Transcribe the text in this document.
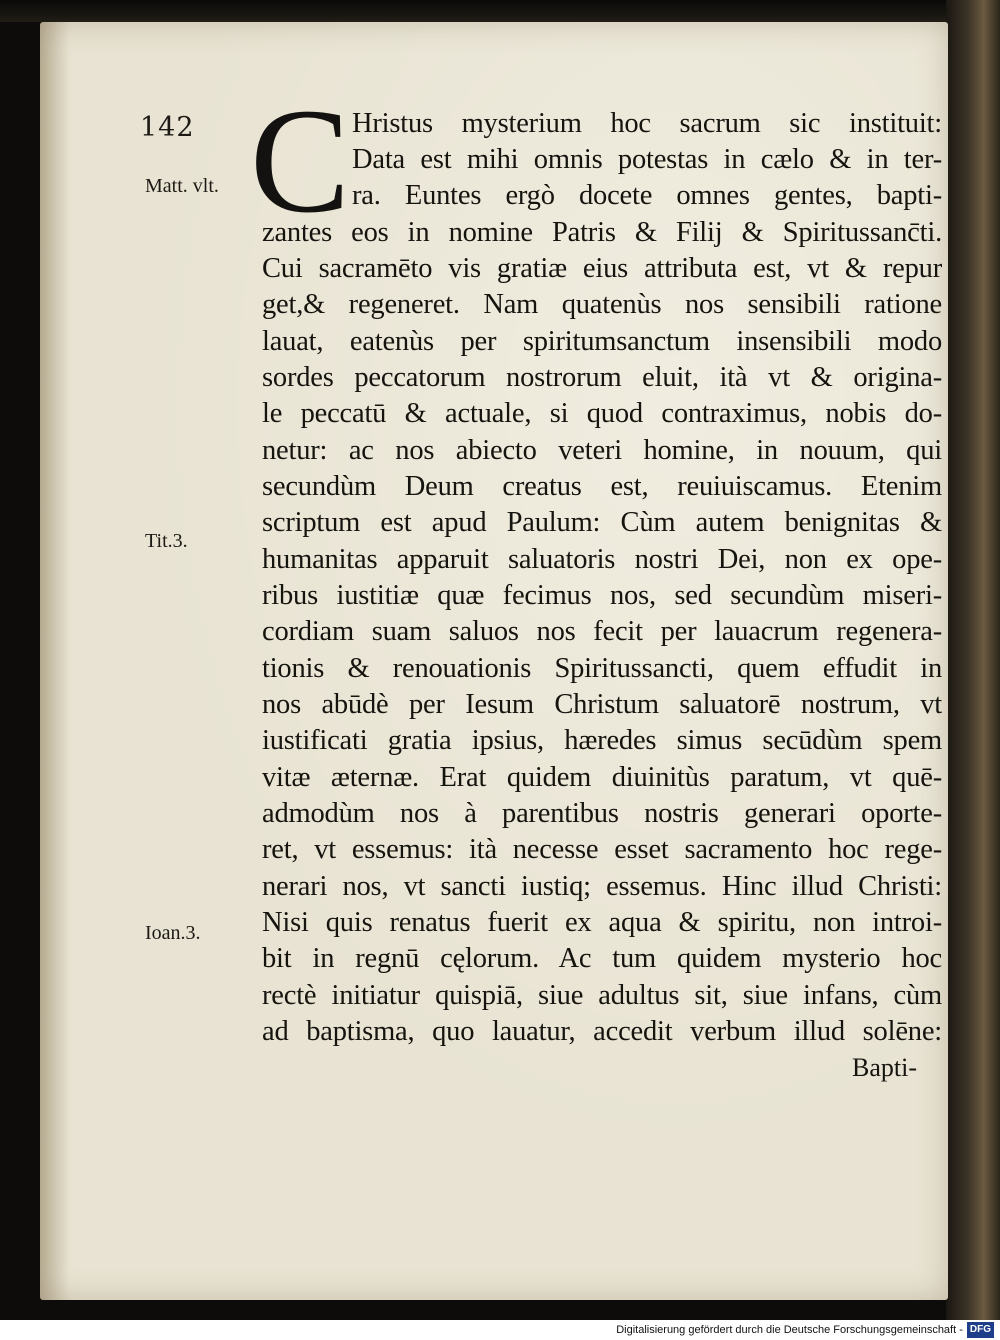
142
Matt. vlt.
Tit.3.
Ioan.3.
C Hristus mysterium hoc sacrum sic instituit:
Data est mihi omnis potestas in cælo & in ter-
ra. Euntes ergò docete omnes gentes, bapti-
zantes eos in nomine Patris & Filij & Spiritussanc̄ti.
Cui sacramēto vis gratiæ eius attributa est, vt & repur
get,& regeneret. Nam quatenùs nos sensibili ratione
lauat, eatenùs per spiritumsanctum insensibili modo
sordes peccatorum nostrorum eluit, ità vt & origina-
le peccatū & actuale, si quod contraximus, nobis do-
netur: ac nos abiecto veteri homine, in nouum, qui
secundùm Deum creatus est, reuiuiscamus. Etenim
scriptum est apud Paulum: Cùm autem benignitas &
humanitas apparuit saluatoris nostri Dei, non ex ope-
ribus iustitiæ quæ fecimus nos, sed secundùm miseri-
cordiam suam saluos nos fecit per lauacrum regenera-
tionis & renouationis Spiritussancti, quem effudit in
nos abūdè per Iesum Christum saluatorē nostrum, vt
iustificati gratia ipsius, hæredes simus secūdùm spem
vitæ æternæ. Erat quidem diuinitùs paratum, vt quē-
admodùm nos à parentibus nostris generari oporte-
ret, vt essemus: ità necesse esset sacramento hoc rege-
nerari nos, vt sancti iustiq; essemus. Hinc illud Christi:
Nisi quis renatus fuerit ex aqua & spiritu, non introi-
bit in regnū cęlorum. Ac tum quidem mysterio hoc
rectè initiatur quispiā, siue adultus sit, siue infans, cùm
ad baptisma, quo lauatur, accedit verbum illud solēne:
Bapti-
Digitalisierung gefördert durch die Deutsche Forschungsgemeinschaft - DFG
